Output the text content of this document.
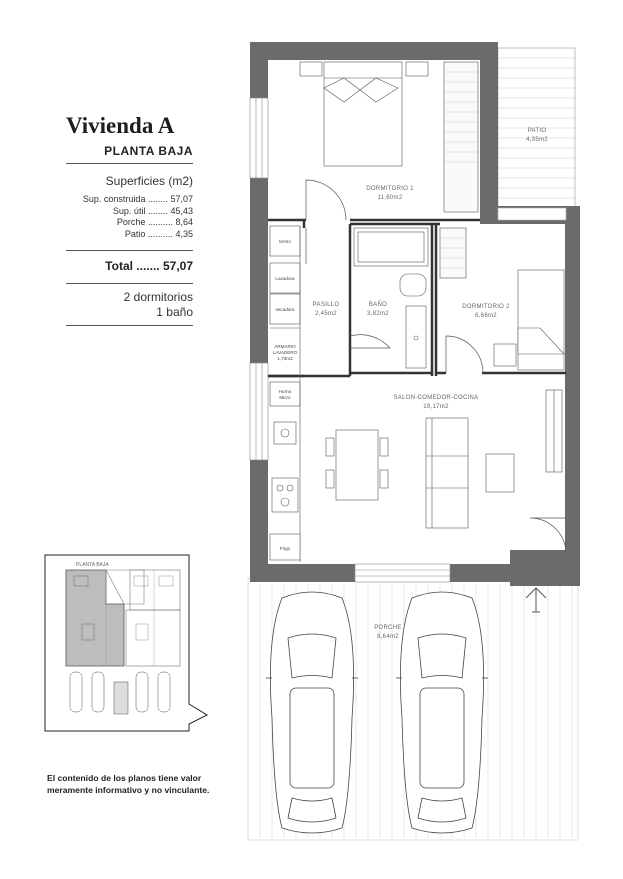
Vivienda A
PLANTA BAJA
Superficies (m2)
Sup. construida ........ 57,07
Sup. útil ........ 45,43
Porche .......... 8,64
Patio .......... 4,35
Total ....... 57,07
2 dormitorios
1 baño
PLANTA BAJA
El contenido de los planos tiene valor
meramente informativo y no vinculante.
PATIO
4,35m2
PORCHE
8,64m2
DORMITORIO 1
11,60m2
termo
Lavadora
secadora
PASILLO
2,45m2
ARMARIO
LAVADERO
1,73m2
BAÑO
3,82m2
DORMITORIO 2
6,66m2
Horno
Micro
Frigo
SALON-COMEDOR-COCINA
19,17m2
